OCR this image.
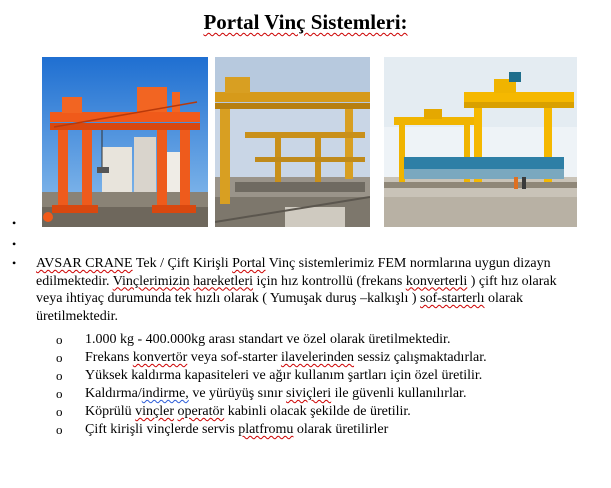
Portal Vinç Sistemleri:
•
•
• AVSAR CRANE Tek / Çift Kirişli Portal Vinç sistemlerimiz FEM normlarına uygun dizayn edilmektedir. Vinçlerimizin hareketleri için hız kontrollü (frekans konverterli ) çift hız olarak veya ihtiyaç durumunda tek hızlı olarak ( Yumuşak duruş –kalkışlı ) sof-starterlı olarak üretilmektedir.
o 1.000 kg - 400.000kg arası standart ve özel olarak üretilmektedir.
o Frekans konvertör veya sof-starter ilavelerinden sessiz çalışmaktadırlar.
o Yüksek kaldırma kapasiteleri ve ağır kullanım şartları için özel üretilir.
o Kaldırma/indirme, ve yürüyüş sınır siviçleri ile güvenli kullanılırlar.
o Köprülü vinçler operatör kabinli olacak şekilde de üretilir.
o Çift kirişli vinçlerde servis platfromu olarak üretilirler
